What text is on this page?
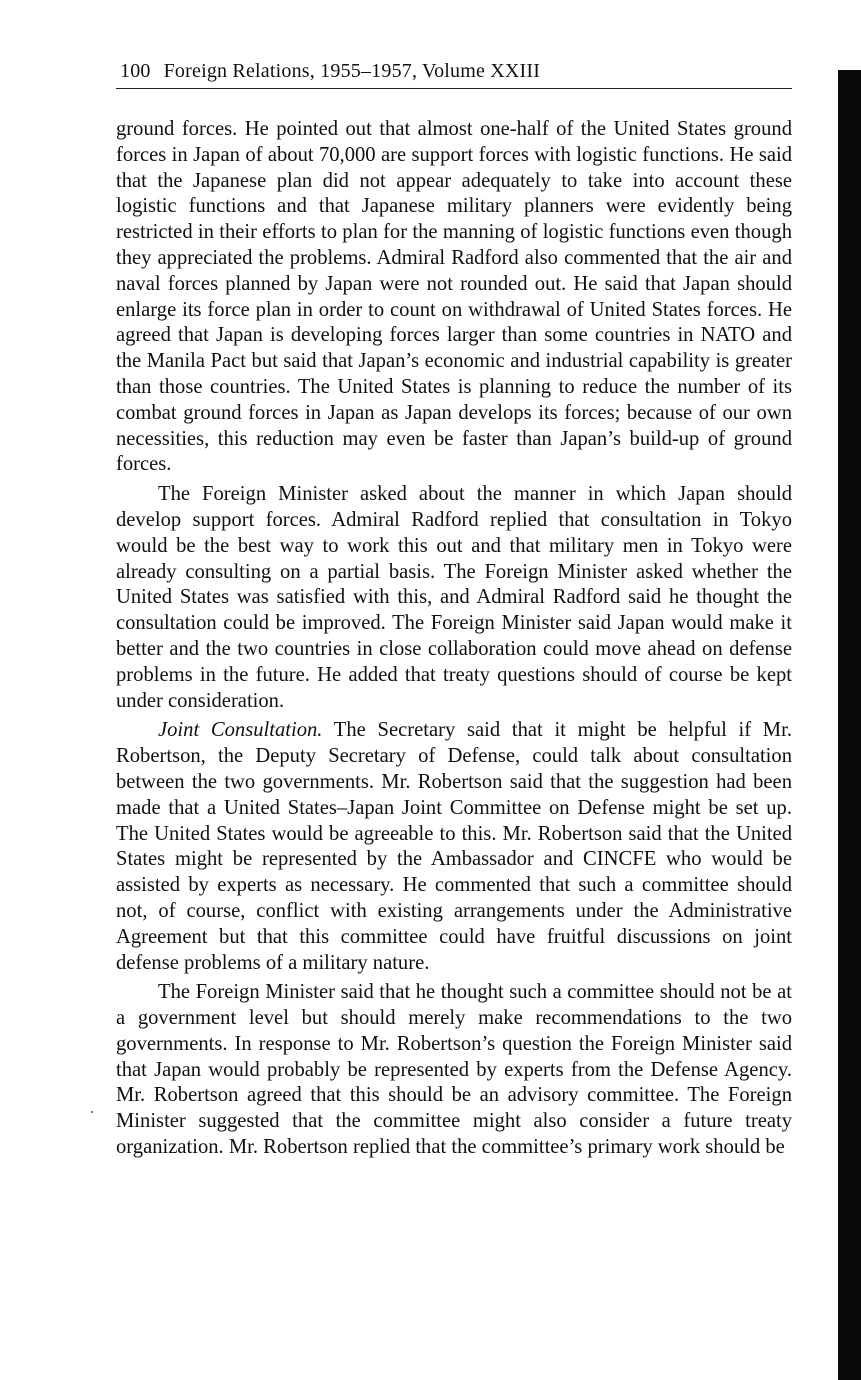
100 Foreign Relations, 1955–1957, Volume XXIII

ground forces. He pointed out that almost one-half of the United States ground forces in Japan of about 70,000 are support forces with logistic functions. He said that the Japanese plan did not appear adequately to take into account these logistic functions and that Japanese military planners were evidently being restricted in their efforts to plan for the manning of logistic functions even though they appreciated the problems. Admiral Radford also commented that the air and naval forces planned by Japan were not rounded out. He said that Japan should enlarge its force plan in order to count on withdrawal of United States forces. He agreed that Japan is developing forces larger than some countries in NATO and the Manila Pact but said that Japan’s economic and industrial capability is greater than those countries. The United States is planning to reduce the number of its combat ground forces in Japan as Japan develops its forces; because of our own necessities, this reduction may even be faster than Japan’s build-up of ground forces.

The Foreign Minister asked about the manner in which Japan should develop support forces. Admiral Radford replied that consultation in Tokyo would be the best way to work this out and that military men in Tokyo were already consulting on a partial basis. The Foreign Minister asked whether the United States was satisfied with this, and Admiral Radford said he thought the consultation could be improved. The Foreign Minister said Japan would make it better and the two countries in close collaboration could move ahead on defense problems in the future. He added that treaty questions should of course be kept under consideration.

Joint Consultation. The Secretary said that it might be helpful if Mr. Robertson, the Deputy Secretary of Defense, could talk about consultation between the two governments. Mr. Robertson said that the suggestion had been made that a United States–Japan Joint Committee on Defense might be set up. The United States would be agreeable to this. Mr. Robertson said that the United States might be represented by the Ambassador and CINCFE who would be assisted by experts as necessary. He commented that such a committee should not, of course, conflict with existing arrangements under the Administrative Agreement but that this committee could have fruitful discussions on joint defense problems of a military nature.

The Foreign Minister said that he thought such a committee should not be at a government level but should merely make recommendations to the two governments. In response to Mr. Robertson’s question the Foreign Minister said that Japan would probably be represented by experts from the Defense Agency. Mr. Robertson agreed that this should be an advisory committee. The Foreign Minister suggested that the committee might also consider a future treaty organization. Mr. Robertson replied that the committee’s primary work should be
